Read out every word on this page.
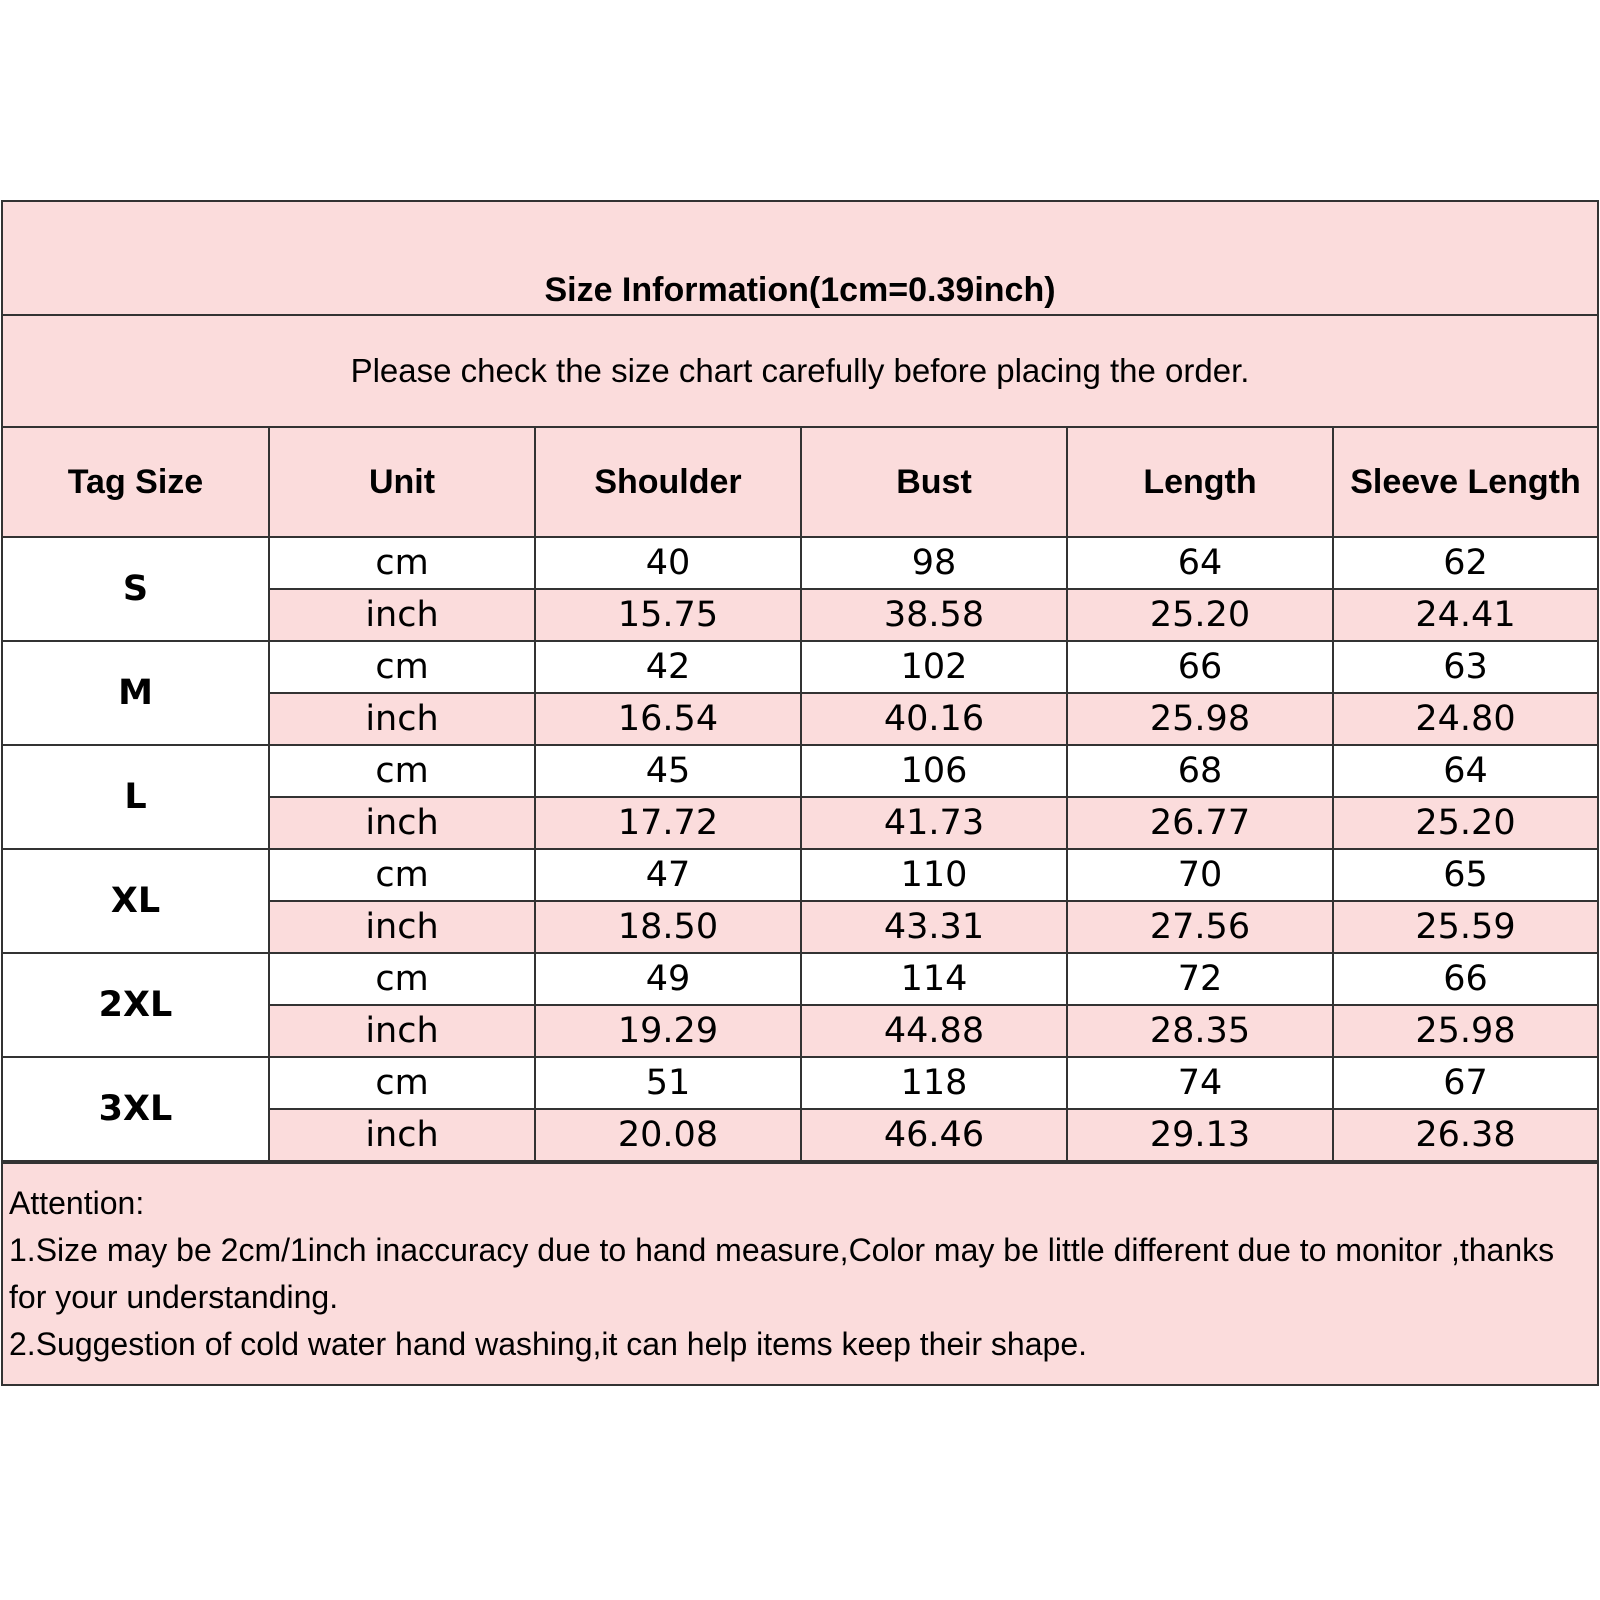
Size Information(1cm=0.39inch)
Please check the size chart carefully before placing the order.
Tag Size	Unit	Shoulder	Bust	Length	Sleeve Length
S	cm	40	98	64	62
	inch	15.75	38.58	25.20	24.41
M	cm	42	102	66	63
	inch	16.54	40.16	25.98	24.80
L	cm	45	106	68	64
	inch	17.72	41.73	26.77	25.20
XL	cm	47	110	70	65
	inch	18.50	43.31	27.56	25.59
2XL	cm	49	114	72	66
	inch	19.29	44.88	28.35	25.98
3XL	cm	51	118	74	67
	inch	20.08	46.46	29.13	26.38
Attention:
1.Size may be 2cm/1inch inaccuracy due to hand measure,Color may be little different due to monitor ,thanks for your understanding.
2.Suggestion of cold water hand washing,it can help items keep their shape.
